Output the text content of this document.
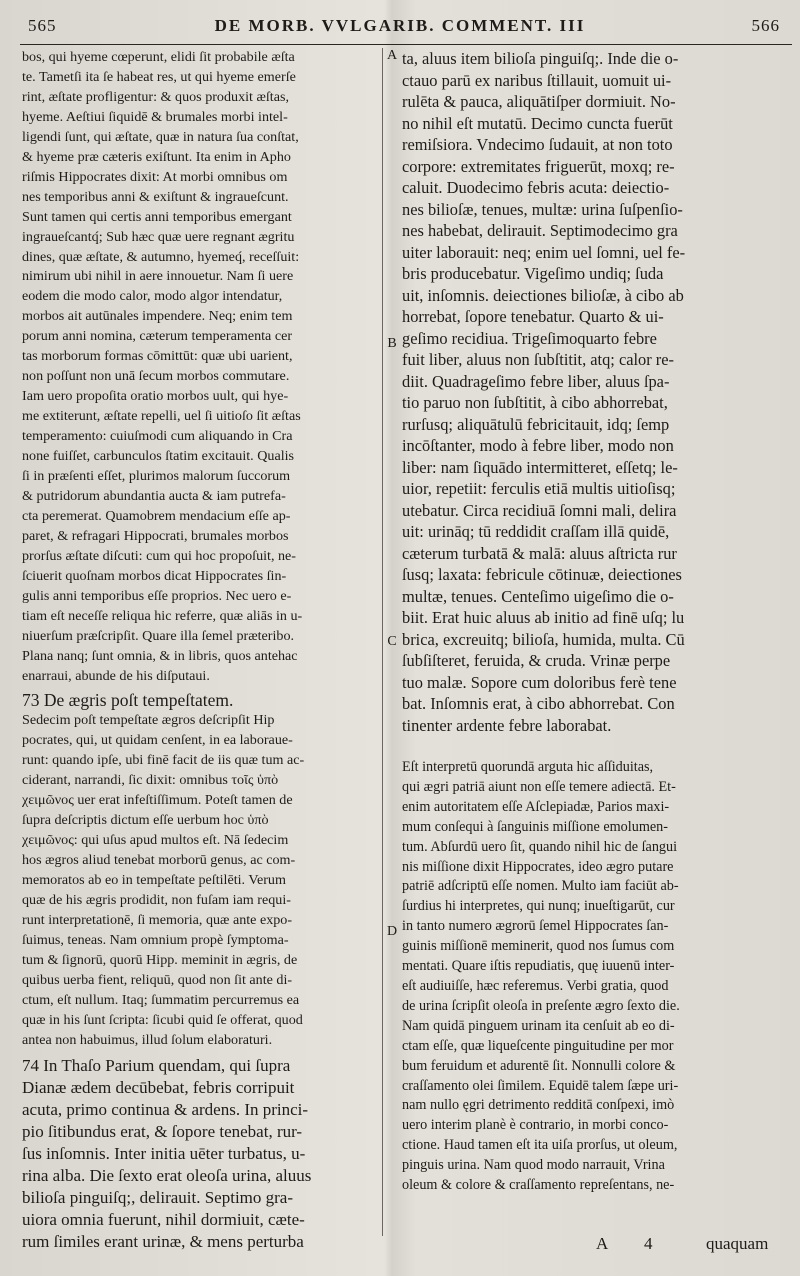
565	DE MORB. VVLGARIB. COMMENT. III	566
bos, qui hyeme cœperunt, elidi ſit probabile æſta
te. Tametſi ita ſe habeat res, ut qui hyeme emerſe
rint, æſtate profligentur: & quos produxit æſtas,
hyeme. Aeſtiui ſiquidē & brumales morbi intel-
ligendi ſunt, qui æſtate, quæ in natura ſua conſtat,
& hyeme præ cæteris exiſtunt. Ita enim in Apho
riſmis Hippocrates dixit: At morbi omnibus om
nes temporibus anni & exiſtunt & ingraueſcunt.
Sunt tamen qui certis anni temporibus emergant
ingraueſcantq́; Sub hæc quæ uere regnant ægritu
dines, quæ æſtate, & autumno, hyemeq́, receſſuit:
nimirum ubi nihil in aere innouetur. Nam ſi uere
eodem die modo calor, modo algor intendatur,
morbos ait autūnales impendere. Neq; enim tem
porum anni nomina, cæterum temperamenta cer
tas morborum formas cōmittūt: quæ ubi uarient,
non poſſunt non unā ſecum morbos commutare.
Iam uero propoſita oratio morbos uult, qui hye-
me extiterunt, æſtate repelli, uel ſi uitioſo ſit æſtas
temperamento: cuiuſmodi cum aliquando in Cra
none fuiſſet, carbunculos ſtatim excitauit. Qualis
ſi in præſenti eſſet, plurimos malorum ſuccorum
& putridorum abundantia aucta & iam putrefa-
cta peremerat. Quamobrem mendacium eſſe ap-
paret, & refragari Hippocrati, brumales morbos
prorſus æſtate diſcuti: cum qui hoc propoſuit, ne-
ſciuerit quoſnam morbos dicat Hippocrates ſin-
gulis anni temporibus eſſe proprios. Nec uero e-
tiam eſt neceſſe reliqua hic referre, quæ aliās in u-
niuerſum præſcripſit. Quare illa ſemel præteribo.
Plana nanq; ſunt omnia, & in libris, quos antehac
enarraui, abunde de his diſputaui.
73 De ægris poſt tempeſtatem.
Sedecim poſt tempeſtate ægros deſcripſit Hip
pocrates, qui, ut quidam cenſent, in ea laboraue-
runt: quando ipſe, ubi finē facit de iis quæ tum ac-
ciderant, narrandi, ſic dixit: omnibus τοῖς ὑπὸ
χειμῶνος uer erat infeſtiſſimum. Poteſt tamen de
ſupra deſcriptis dictum eſſe uerbum hoc ὑπὸ
χειμῶνος: qui uſus apud multos eſt. Nā ſedecim
hos ægros aliud tenebat morborū genus, ac com-
memoratos ab eo in tempeſtate peſtilēti. Verum
quæ de his ægris prodidit, non fuſam iam requi-
runt interpretationē, ſi memoria, quæ ante expo-
ſuimus, teneas. Nam omnium propè ſymptoma-
tum & ſignorū, quorū Hipp. meminit in ægris, de
quibus uerba fient, reliquū, quod non ſit ante di-
ctum, eſt nullum. Itaq; ſummatim percurremus ea
quæ in his ſunt ſcripta: ſicubi quid ſe offerat, quod
antea non habuimus, illud ſolum elaboraturi.
74 In Thaſo Parium quendam, qui ſupra
Dianæ ædem decūbebat, febris corripuit
acuta, primo continua & ardens. In princi-
pio ſitibundus erat, & ſopore tenebat, rur-
ſus inſomnis. Inter initia uēter turbatus, u-
rina alba. Die ſexto erat oleoſa urina, aluus
bilioſa pinguiſq;, delirauit. Septimo gra-
uiora omnia fuerunt, nihil dormiuit, cæte-
rum ſimiles erant urinæ, & mens perturba
A
B
C
D
ta, aluus item bilioſa pinguiſq;. Inde die o-
ctauo parū ex naribus ſtillauit, uomuit ui-
rulēta & pauca, aliquātiſper dormiuit. No-
no nihil eſt mutatū. Decimo cuncta fuerūt
remiſsiora. Vndecimo ſudauit, at non toto
corpore: extremitates friguerūt, moxq; re-
caluit. Duodecimo febris acuta: deiectio-
nes bilioſæ, tenues, multæ: urina ſuſpenſio-
nes habebat, delirauit. Septimodecimo gra
uiter laborauit: neq; enim uel ſomni, uel fe-
bris producebatur. Vigeſimo undiq; ſuda
uit, inſomnis. deiectiones bilioſæ, à cibo ab
horrebat, ſopore tenebatur. Quarto & ui-
geſimo recidiua. Trigeſimoquarto febre
fuit liber, aluus non ſubſtitit, atq; calor re-
diit. Quadrageſimo febre liber, aluus ſpa-
tio paruo non ſubſtitit, à cibo abhorrebat,
rurſusq; aliquātulū febricitauit, idq; ſemp
incōſtanter, modo à febre liber, modo non
liber: nam ſiquādo intermitteret, eſſetq; le-
uior, repetiit: ferculis etiā multis uitioſisq;
utebatur. Circa recidiuā ſomni mali, delira
uit: urināq; tū reddidit craſſam illā quidē,
cæterum turbatā & malā: aluus aſtricta rur
ſusq; laxata: febricule cōtinuæ, deiectiones
multæ, tenues. Centeſimo uigeſimo die o-
biit. Erat huic aluus ab initio ad finē uſq; lu
brica, excreuitq; bilioſa, humida, multa. Cū
ſubſiſteret, feruida, & cruda. Vrinæ perpe
tuo malæ. Sopore cum doloribus ferè tene
bat. Inſomnis erat, à cibo abhorrebat. Con
tinenter ardente febre laborabat.
Eſt interpretū quorundā arguta hic aſſiduitas,
qui ægri patriā aiunt non eſſe temere adiectā. Et-
enim autoritatem eſſe Aſclepiadæ, Parios maxi-
mum conſequi à ſanguinis miſſione emolumen-
tum. Abſurdū uero ſit, quando nihil hic de ſangui
nis miſſione dixit Hippocrates, ideo ægro putare
patriē adſcriptū eſſe nomen. Multo iam faciūt ab-
ſurdius hi interpretes, qui nunq; inueſtigarūt, cur
in tanto numero ægrorū ſemel Hippocrates ſan-
guinis miſſionē meminerit, quod nos ſumus com
mentati. Quare iſtis repudiatis, quę iuuenū inter-
eſt audiuiſſe, hæc referemus. Verbi gratia, quod
de urina ſcripſit oleoſa in preſente ægro ſexto die.
Nam quidā pinguem urinam ita cenſuit ab eo di-
ctam eſſe, quæ liqueſcente pinguitudine per mor
bum feruidum et adurentē ſit. Nonnulli colore &
craſſamento olei ſimilem. Equidē talem ſæpe uri-
nam nullo ęgri detrimento redditā conſpexi, imò
uero interim planè è contrario, in morbi conco-
ctione. Haud tamen eſt ita uiſa prorſus, ut oleum,
pinguis urina. Nam quod modo narrauit, Vrina
oleum & colore & craſſamento repreſentans, ne-
A 4	quaquam
